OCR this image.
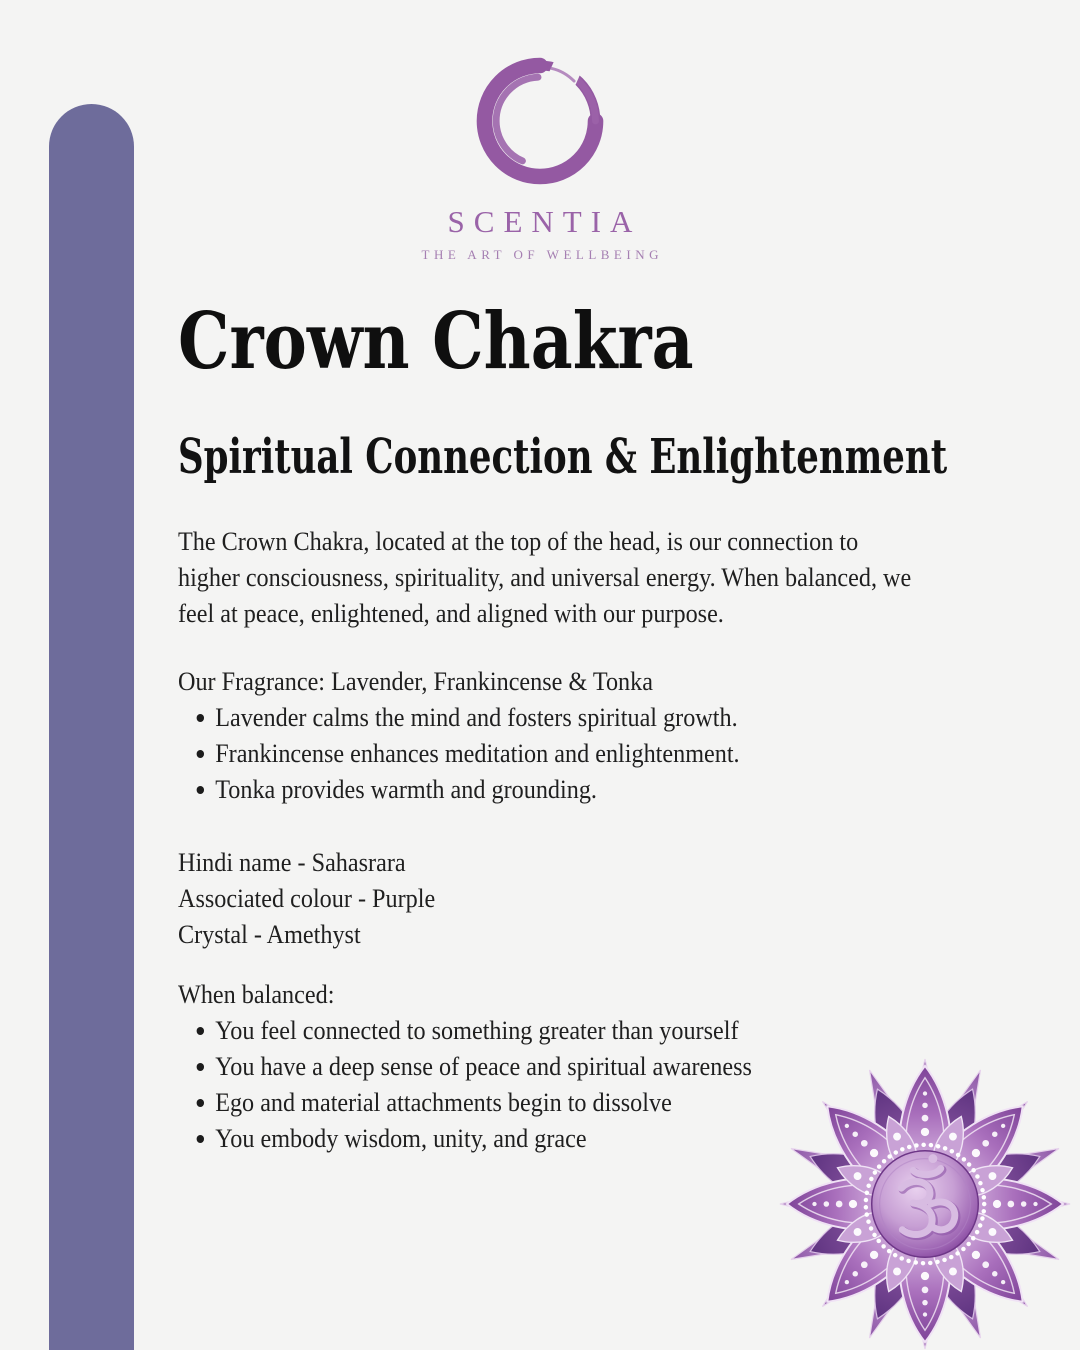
SCENTIA
THE ART OF WELLBEING
Crown Chakra
Spiritual Connection & Enlightenment
The Crown Chakra, located at the top of the head, is our connection to
higher consciousness, spirituality, and universal energy. When balanced, we
feel at peace, enlightened, and aligned with our purpose.
Our Fragrance: Lavender, Frankincense & Tonka
Lavender calms the mind and fosters spiritual growth.
Frankincense enhances meditation and enlightenment.
Tonka provides warmth and grounding.
Hindi name - Sahasrara
Associated colour - Purple
Crystal - Amethyst
When balanced:
You feel connected to something greater than yourself
You have a deep sense of peace and spiritual awareness
Ego and material attachments begin to dissolve
You embody wisdom, unity, and grace
